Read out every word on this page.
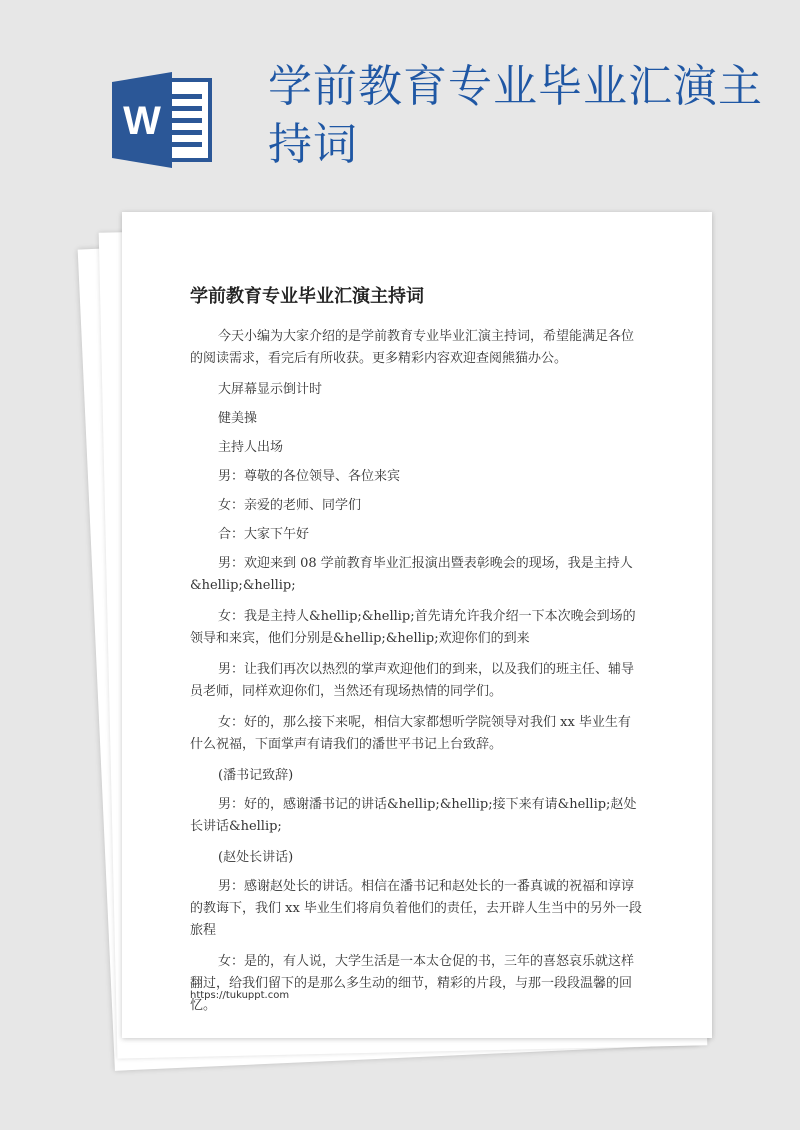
W
学前教育专业毕业汇演主持词
学前教育专业毕业汇演主持词

今天小编为大家介绍的是学前教育专业毕业汇演主持词，希望能满足各位的阅读需求，看完后有所收获。更多精彩内容欢迎查阅熊猫办公。

大屏幕显示倒计时

健美操

主持人出场

男：尊敬的各位领导、各位来宾

女：亲爱的老师、同学们

合：大家下午好

男：欢迎来到 08 学前教育毕业汇报演出暨表彰晚会的现场，我是主持人&hellip;&hellip;

女：我是主持人&hellip;&hellip;首先请允许我介绍一下本次晚会到场的领导和来宾，他们分别是&hellip;&hellip;欢迎你们的到来

男：让我们再次以热烈的掌声欢迎他们的到来，以及我们的班主任、辅导员老师，同样欢迎你们，当然还有现场热情的同学们。

女：好的，那么接下来呢，相信大家都想听学院领导对我们 xx 毕业生有什么祝福，下面掌声有请我们的潘世平书记上台致辞。

(潘书记致辞)

男：好的，感谢潘书记的讲话&hellip;&hellip;接下来有请&hellip;赵处长讲话&hellip;

(赵处长讲话)

男：感谢赵处长的讲话。相信在潘书记和赵处长的一番真诚的祝福和谆谆的教诲下，我们 xx 毕业生们将肩负着他们的责任，去开辟人生当中的另外一段旅程

女：是的，有人说，大学生活是一本太仓促的书，三年的喜怒哀乐就这样翻过，给我们留下的是那么多生动的细节，精彩的片段，与那一段段温馨的回忆。

https://tukuppt.com
